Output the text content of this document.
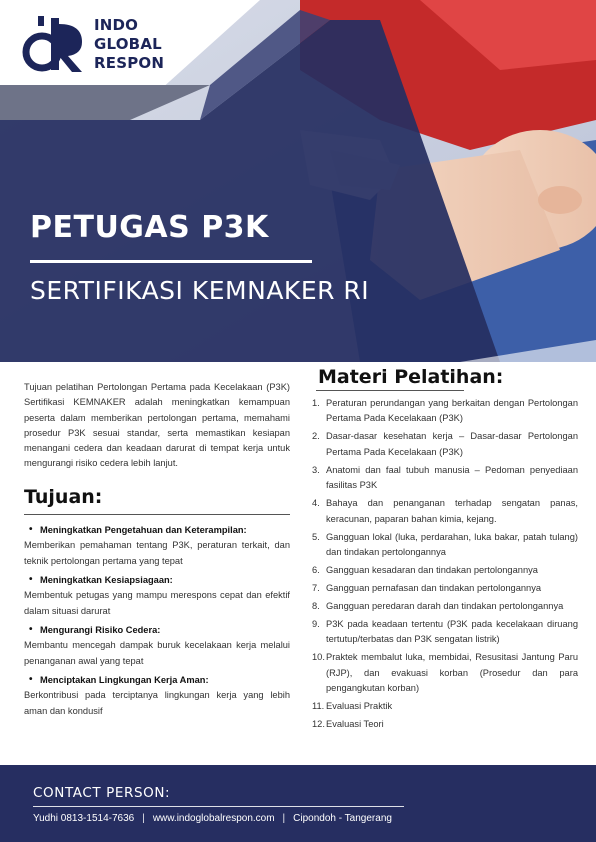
INDO
GLOBAL
RESPON
PETUGAS P3K
SERTIFIKASI KEMNAKER RI

Tujuan pelatihan Pertolongan Pertama pada Kecelakaan (P3K) Sertifikasi KEMNAKER adalah meningkatkan kemampuan peserta dalam memberikan pertolongan pertama, memahami prosedur P3K sesuai standar, serta memastikan kesiapan menangani cedera dan keadaan darurat di tempat kerja untuk mengurangi risiko cedera lebih lanjut.

Tujuan:
• Meningkatkan Pengetahuan dan Keterampilan:
Memberikan pemahaman tentang P3K, peraturan terkait, dan teknik pertolongan pertama yang tepat
• Meningkatkan Kesiapsiagaan:
Membentuk petugas yang mampu merespons cepat dan efektif dalam situasi darurat
• Mengurangi Risiko Cedera:
Membantu mencegah dampak buruk kecelakaan kerja melalui penanganan awal yang tepat
• Menciptakan Lingkungan Kerja Aman:
Berkontribusi pada terciptanya lingkungan kerja yang lebih aman dan kondusif
Materi Pelatihan:
1. Peraturan perundangan yang berkaitan dengan Pertolongan Pertama Pada Kecelakaan (P3K)
2. Dasar-dasar kesehatan kerja – Dasar-dasar Pertolongan Pertama Pada Kecelakaan (P3K)
3. Anatomi dan faal tubuh manusia – Pedoman penyediaan fasilitas P3K
4. Bahaya dan penanganan terhadap sengatan panas, keracunan, paparan bahan kimia, kejang.
5. Gangguan lokal (luka, perdarahan, luka bakar, patah tulang) dan tindakan pertolongannya
6. Gangguan kesadaran dan tindakan pertolongannya
7. Gangguan pernafasan dan tindakan pertolongannya
8. Gangguan peredaran darah dan tindakan pertolongannya
9. P3K pada keadaan tertentu (P3K pada kecelakaan diruang tertutup/terbatas dan P3K sengatan listrik)
10. Praktek membalut luka, membidai, Resusitasi Jantung Paru (RJP), dan evakuasi korban (Prosedur dan para pengangkutan korban)
11. Evaluasi Praktik
12. Evaluasi Teori
CONTACT PERSON:
Yudhi 0813-1514-7636 | www.indoglobalrespon.com | Cipondoh - Tangerang
